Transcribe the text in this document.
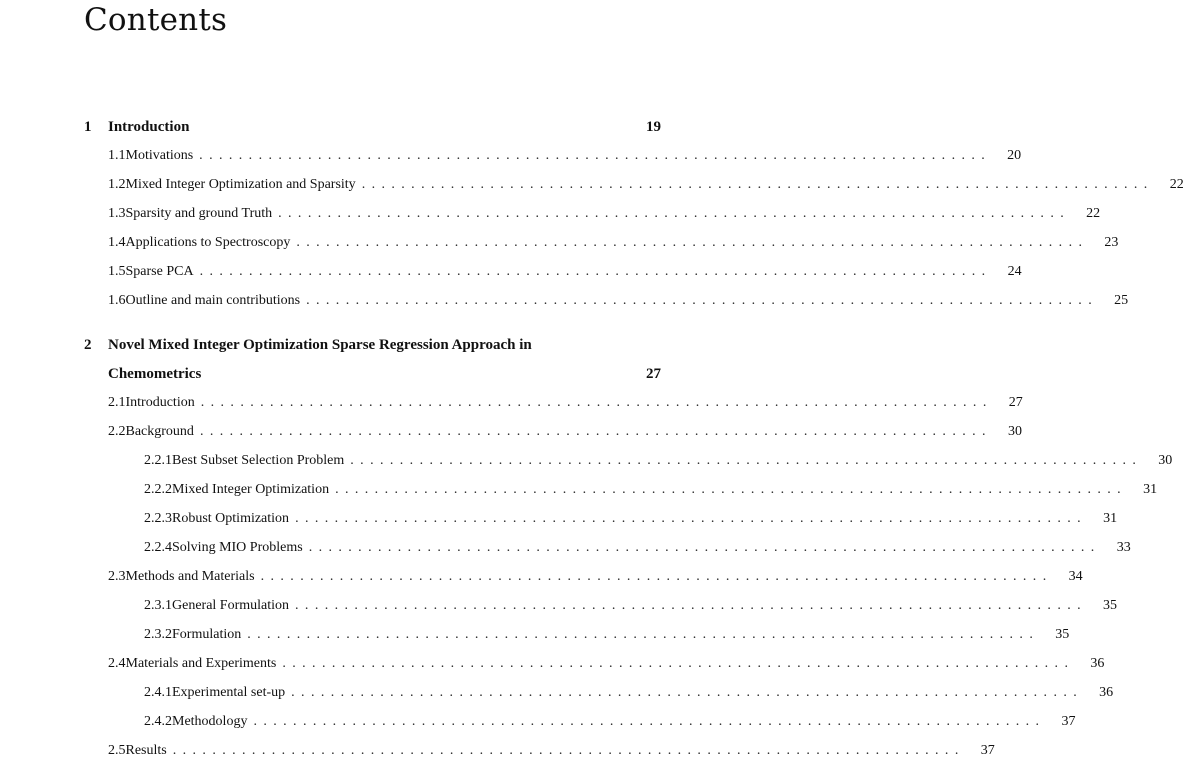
Contents
1	Introduction	19
1.1 Motivations ................................................................................	20
1.2 Mixed Integer Optimization and Sparsity ................................................................................	22
1.3 Sparsity and ground Truth ................................................................................	22
1.4 Applications to Spectroscopy ................................................................................	23
1.5 Sparse PCA ................................................................................	24
1.6 Outline and main contributions ................................................................................	25
2	Novel Mixed Integer Optimization Sparse Regression Approach in
Chemometrics	27
2.1 Introduction ................................................................................	27
2.2 Background ................................................................................	30
2.2.1 Best Subset Selection Problem ................................................................................	30
2.2.2 Mixed Integer Optimization ................................................................................	31
2.2.3 Robust Optimization ................................................................................	31
2.2.4 Solving MIO Problems ................................................................................	33
2.3 Methods and Materials ................................................................................	34
2.3.1 General Formulation ................................................................................	35
2.3.2 Formulation ................................................................................	35
2.4 Materials and Experiments ................................................................................	36
2.4.1 Experimental set-up ................................................................................	36
2.4.2 Methodology ................................................................................	37
2.5 Results ................................................................................	37
